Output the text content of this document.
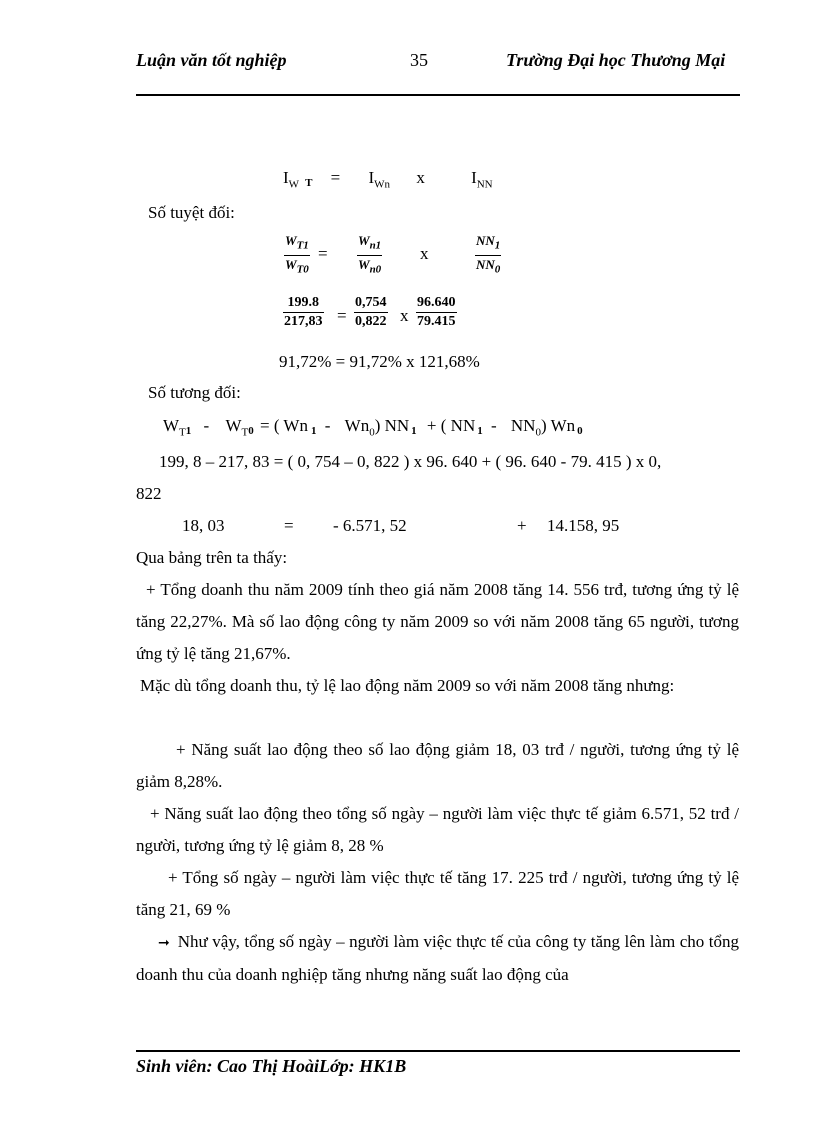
Luận văn tốt nghiệp	35	Trường Đại học Thương Mại
$I_W$ $T = I_{Wn}$ x	$I_{NN}$
Số tuyệt đối:
$W_{T1}$
$W_{T0}$
=
$W_{n1}$
$W_{n0}$
x
$NN_1$
$NN_0$
199.8
217,83 =
0,754
0,822 x
96.640
79.415
91,72% = 91,72% x 121,68%
Số tương đối:
$W_T1 - W_T0$ = ( Wn $1 - Wn_0$) NN 1 + ( NN $1 - NN_0$) Wn 0
199, 8 – 217, 83 = ( 0, 754 – 0, 822 ) x 96. 640 + ( 96. 640 - 79. 415 ) x 0,
822
18, 03	= - 6.571, 52	+ 14.158, 95
Qua bảng trên ta thấy:
+ Tổng doanh thu năm 2009 tính theo giá năm 2008 tăng 14. 556 trđ, tương ứng tỷ lệ tăng 22,27%. Mà số lao động công ty năm 2009 so với năm 2008 tăng 65 người, tương ứng tỷ lệ tăng 21,67%.
Mặc dù tổng doanh thu, tỷ lệ lao động năm 2009 so với năm 2008 tăng nhưng:
+ Năng suất lao động theo số lao động giảm 18, 03 trđ / người, tương ứng tỷ lệ giảm 8,28%.
+ Năng suất lao động theo tổng số ngày – người làm việc thực tế giảm 6.571, 52 trđ / người, tương ứng tỷ lệ giảm 8, 28 %
+ Tổng số ngày – người làm việc thực tế tăng 17. 225 trđ / người, tương ứng tỷ lệ tăng 21, 69 %
➞ Như vậy, tổng số ngày – người làm việc thực tế của công ty tăng lên làm cho tổng doanh thu của doanh nghiệp tăng nhưng năng suất lao động của
Sinh viên: Cao Thị HoàiLớp: HK1B
